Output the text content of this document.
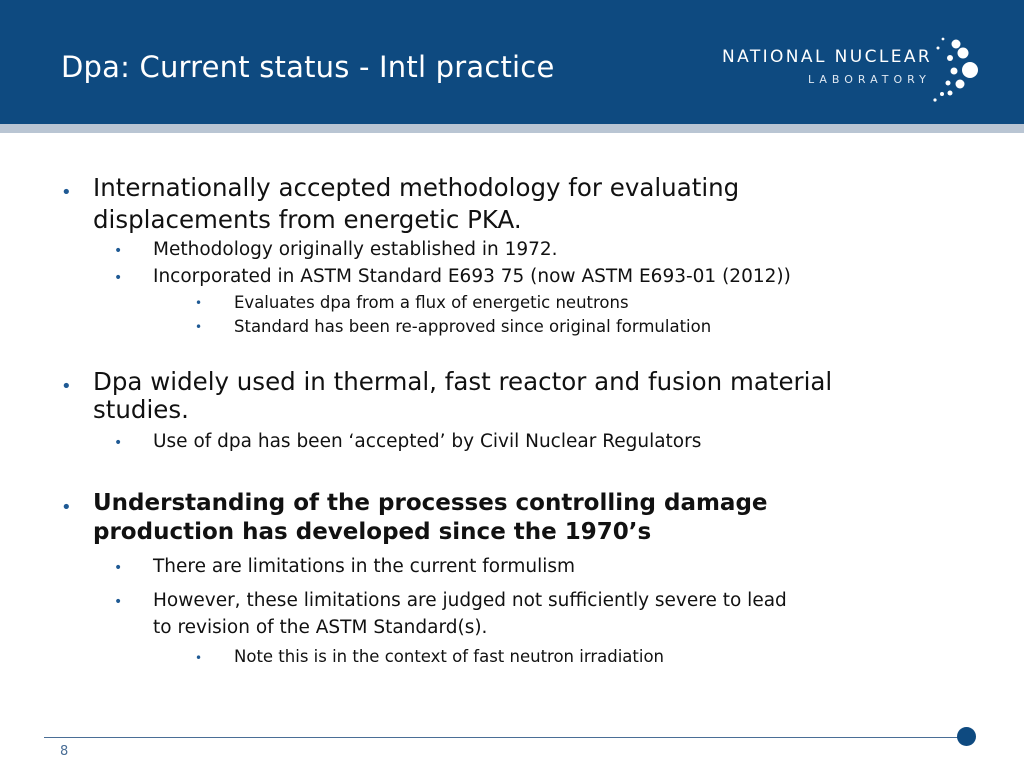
Dpa: Current status - Intl practice	NATIONAL NUCLEAR
LABORATORY
• Internationally accepted methodology for evaluating
displacements from energetic PKA.
• Methodology originally established in 1972.
• Incorporated in ASTM Standard E693 75 (now ASTM E693-01 (2012))
• Evaluates dpa from a flux of energetic neutrons
• Standard has been re-approved since original formulation
• Dpa widely used in thermal, fast reactor and fusion material
studies.
• Use of dpa has been ‘accepted’ by Civil Nuclear Regulators
• Understanding of the processes controlling damage
production has developed since the 1970’s
• There are limitations in the current formulism
• However, these limitations are judged not sufficiently severe to lead
to revision of the ASTM Standard(s).
• Note this is in the context of fast neutron irradiation
8
